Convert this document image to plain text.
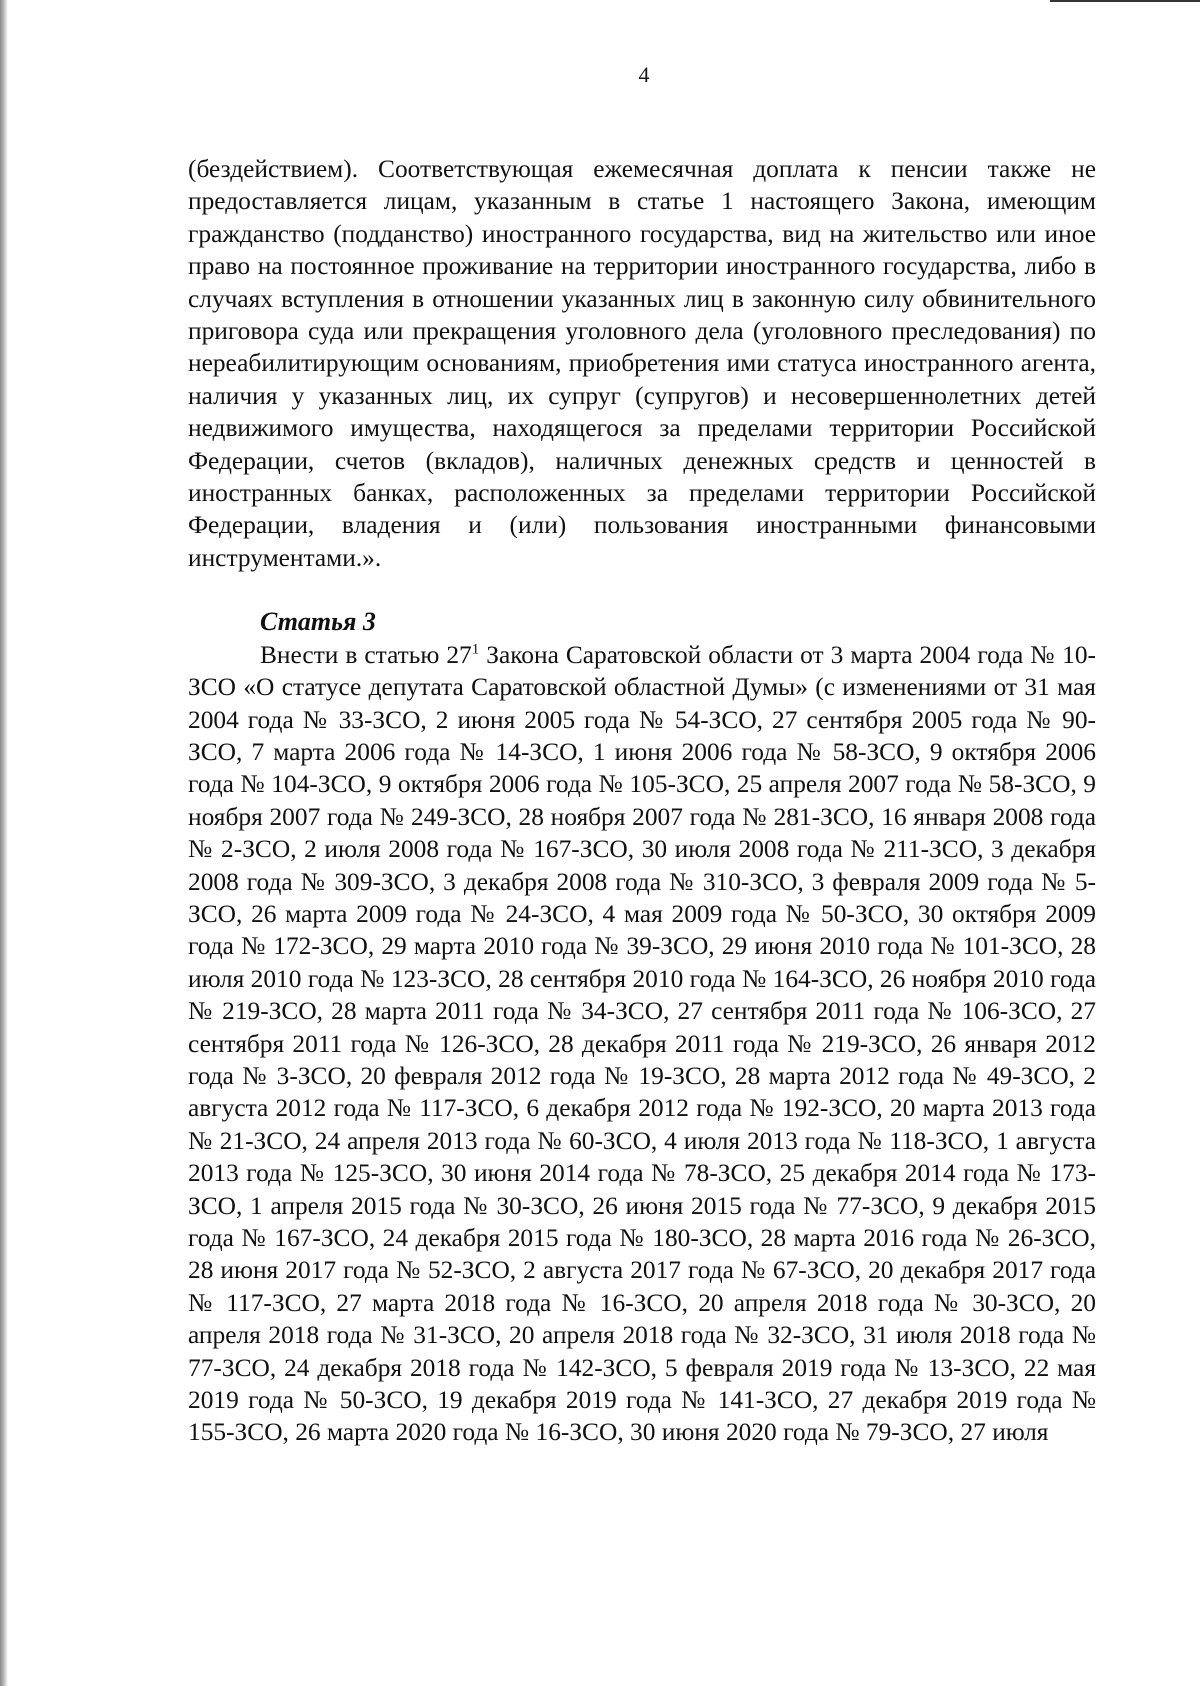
4

(бездействием). Соответствующая ежемесячная доплата к пенсии также не предоставляется лицам, указанным в статье 1 настоящего Закона, имеющим гражданство (подданство) иностранного государства, вид на жительство или иное право на постоянное проживание на территории иностранного государства, либо в случаях вступления в отношении указанных лиц в законную силу обвинительного приговора суда или прекращения уголовного дела (уголовного преследования) по нереабилитирующим основаниям, приобретения ими статуса иностранного агента, наличия у указанных лиц, их супруг (супругов) и несовершеннолетних детей недвижимого имущества, находящегося за пределами территории Российской Федерации, счетов (вкладов), наличных денежных средств и ценностей в иностранных банках, расположенных за пределами территории Российской Федерации, владения и (или) пользования иностранными финансовыми инструментами.».

Статья 3

Внести в статью $27^1$ Закона Саратовской области от 3 марта 2004 года № 10-ЗСО «О статусе депутата Саратовской областной Думы» (с изменениями от 31 мая 2004 года № 33-ЗСО, 2 июня 2005 года № 54-ЗСО, 27 сентября 2005 года № 90-ЗСО, 7 марта 2006 года № 14-ЗСО, 1 июня 2006 года № 58-ЗСО, 9 октября 2006 года № 104-ЗСО, 9 октября 2006 года № 105-ЗСО, 25 апреля 2007 года № 58-ЗСО, 9 ноября 2007 года № 249-ЗСО, 28 ноября 2007 года № 281-ЗСО, 16 января 2008 года № 2-ЗСО, 2 июля 2008 года № 167-ЗСО, 30 июля 2008 года № 211-ЗСО, 3 декабря 2008 года № 309-ЗСО, 3 декабря 2008 года № 310-ЗСО, 3 февраля 2009 года № 5-ЗСО, 26 марта 2009 года № 24-ЗСО, 4 мая 2009 года № 50-ЗСО, 30 октября 2009 года № 172-ЗСО, 29 марта 2010 года № 39-ЗСО, 29 июня 2010 года № 101-ЗСО, 28 июля 2010 года № 123-ЗСО, 28 сентября 2010 года № 164-ЗСО, 26 ноября 2010 года № 219-ЗСО, 28 марта 2011 года № 34-ЗСО, 27 сентября 2011 года № 106-ЗСО, 27 сентября 2011 года № 126-ЗСО, 28 декабря 2011 года № 219-ЗСО, 26 января 2012 года № 3-ЗСО, 20 февраля 2012 года № 19-ЗСО, 28 марта 2012 года № 49-ЗСО, 2 августа 2012 года № 117-ЗСО, 6 декабря 2012 года № 192-ЗСО, 20 марта 2013 года № 21-ЗСО, 24 апреля 2013 года № 60-ЗСО, 4 июля 2013 года № 118-ЗСО, 1 августа 2013 года № 125-ЗСО, 30 июня 2014 года № 78-ЗСО, 25 декабря 2014 года № 173-ЗСО, 1 апреля 2015 года № 30-ЗСО, 26 июня 2015 года № 77-ЗСО, 9 декабря 2015 года № 167-ЗСО, 24 декабря 2015 года № 180-ЗСО, 28 марта 2016 года № 26-ЗСО, 28 июня 2017 года № 52-ЗСО, 2 августа 2017 года № 67-ЗСО, 20 декабря 2017 года № 117-ЗСО, 27 марта 2018 года № 16-ЗСО, 20 апреля 2018 года № 30-ЗСО, 20 апреля 2018 года № 31-ЗСО, 20 апреля 2018 года № 32-ЗСО, 31 июля 2018 года № 77-ЗСО, 24 декабря 2018 года № 142-ЗСО, 5 февраля 2019 года № 13-ЗСО, 22 мая 2019 года № 50-ЗСО, 19 декабря 2019 года № 141-ЗСО, 27 декабря 2019 года № 155-ЗСО, 26 марта 2020 года № 16-ЗСО, 30 июня 2020 года № 79-ЗСО, 27 июля
